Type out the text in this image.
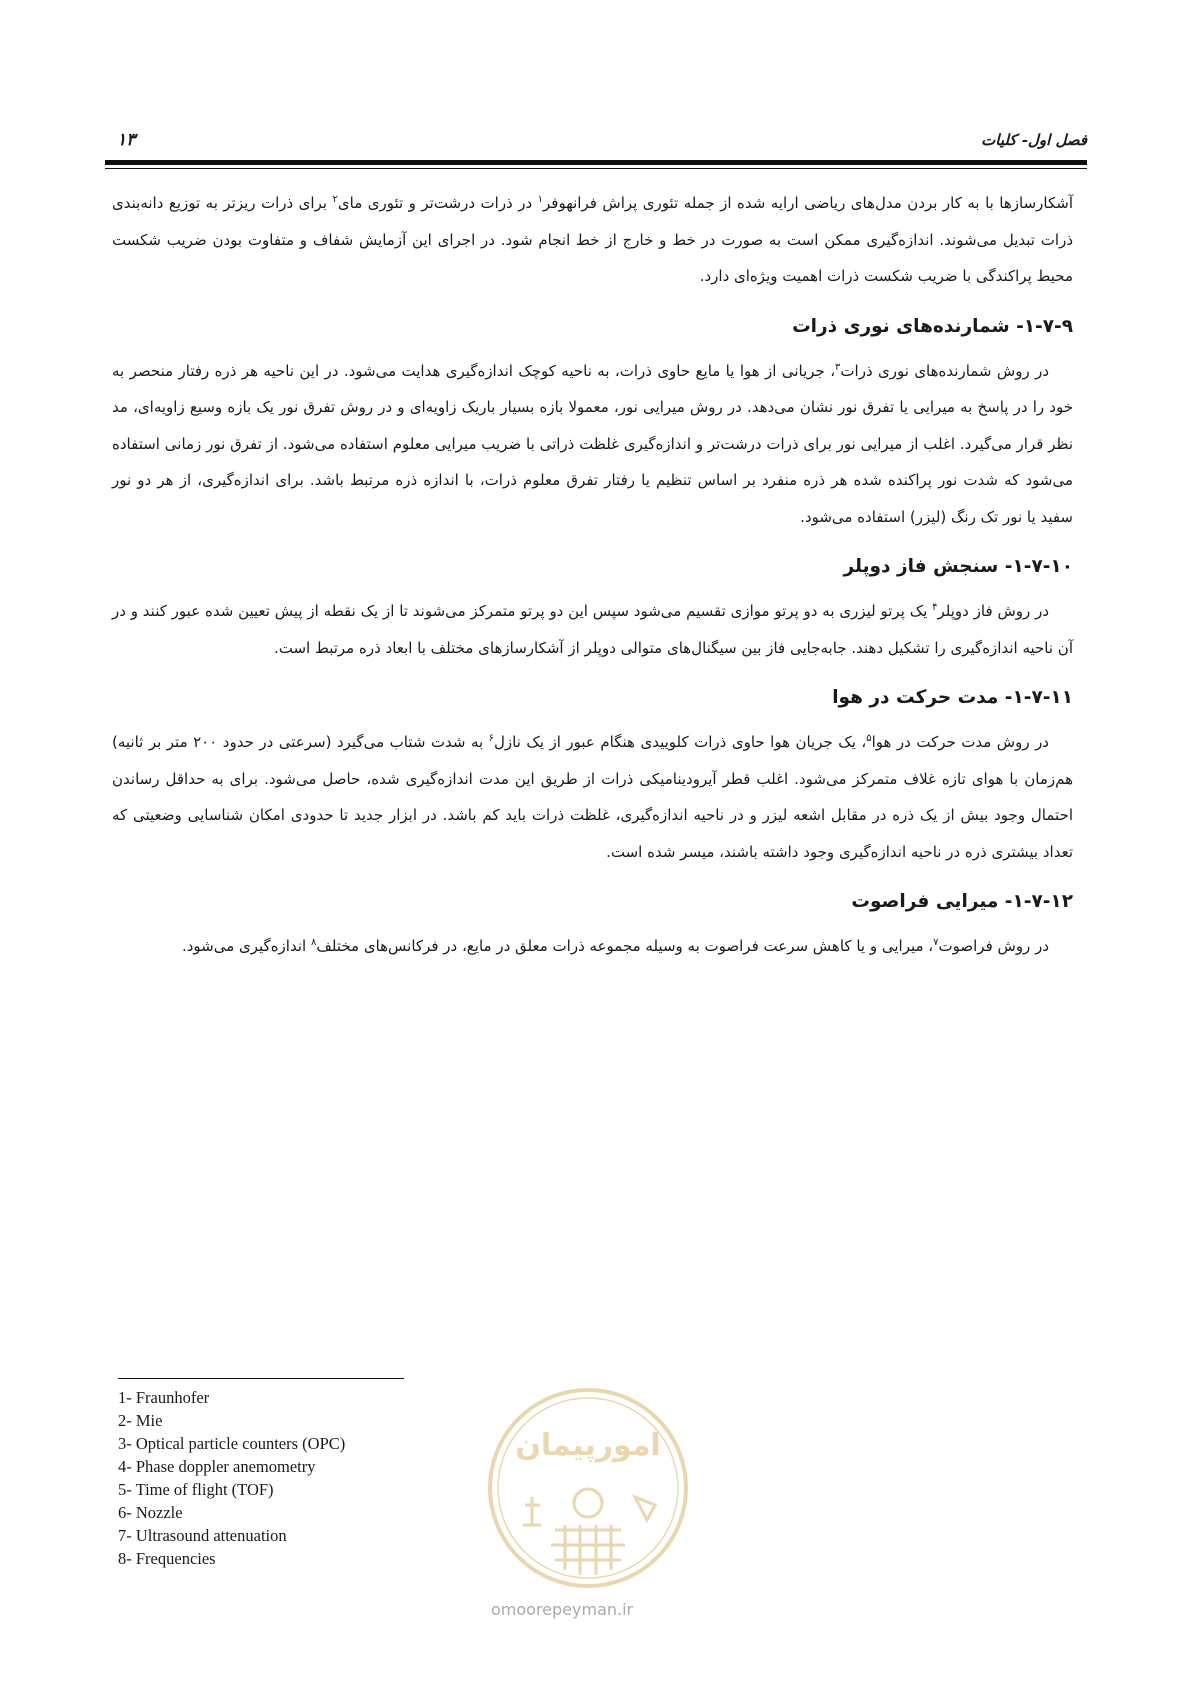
فصل اول- کلیات
۱۳

آشکارسازها با به کار بردن مدل‌های ریاضی ارایه شده از جمله تئوری پراش فرانهوفر$^۱$ در ذرات درشت‌تر و تئوری مای$^۲$ برای ذرات ریزتر به توزیع دانه‌بندی ذرات تبدیل می‌شوند. اندازه‌گیری ممکن است به صورت در خط و خارج از خط انجام شود. در اجرای این آزمایش شفاف و متفاوت بودن ضریب شکست محیط پراکندگی با ضریب شکست ذرات اهمیت ویژه‌ای دارد.

۱-۷-۹- شمارنده‌های نوری ذرات

در روش شمارنده‌های نوری ذرات$^۳$، جریانی از هوا یا مایع حاوی ذرات، به ناحیه کوچک اندازه‌گیری هدایت می‌شود. در این ناحیه هر ذره رفتار منحصر به خود را در پاسخ به میرایی یا تفرق نور نشان می‌دهد. در روش میرایی نور، معمولا بازه بسیار باریک زاویه‌ای و در روش تفرق نور یک بازه وسیع زاویه‌ای، مد نظر قرار می‌گیرد. اغلب از میرایی نور برای ذرات درشت‌تر و اندازه‌گیری غلظت ذراتی با ضریب میرایی معلوم استفاده می‌شود. از تفرق نور زمانی استفاده می‌شود که شدت نور پراکنده شده هر ذره منفرد بر اساس تنظیم یا رفتار تفرق معلوم ذرات، با اندازه ذره مرتبط باشد. برای اندازه‌گیری، از هر دو نور سفید یا نور تک رنگ (لیزر) استفاده می‌شود.

۱-۷-۱۰- سنجش فاز دوپلر

در روش فاز دوپلر$^۴$ یک پرتو لیزری به دو پرتو موازی تقسیم می‌شود سپس این دو پرتو متمرکز می‌شوند تا از یک نقطه از پیش تعیین شده عبور کنند و در آن ناحیه اندازه‌گیری را تشکیل دهند. جابه‌جایی فاز بین سیگنال‌های متوالی دوپلر از آشکارسازهای مختلف با ابعاد ذره مرتبط است.

۱-۷-۱۱- مدت حرکت در هوا

در روش مدت حرکت در هوا$^۵$، یک جریان هوا حاوی ذرات کلوییدی هنگام عبور از یک نازل$^۶$ به شدت شتاب می‌گیرد (سرعتی در حدود ۲۰۰ متر بر ثانیه) هم‌زمان با هوای تازه غلاف متمرکز می‌شود. اغلب قطر آیرودینامیکی ذرات از طریق این مدت اندازه‌گیری شده، حاصل می‌شود. برای به حداقل رساندن احتمال وجود بیش از یک ذره در مقابل اشعه لیزر و در ناحیه اندازه‌گیری، غلظت ذرات باید کم باشد. در ابزار جدید تا حدودی امکان شناسایی وضعیتی که تعداد بیشتری ذره در ناحیه اندازه‌گیری وجود داشته باشند، میسر شده است.

۱-۷-۱۲- میرایی فراصوت

در روش فراصوت$^۷$، میرایی و یا کاهش سرعت فراصوت به وسیله مجموعه ذرات معلق در مایع، در فرکانس‌های مختلف$^۸$ اندازه‌گیری می‌شود.

1- Fraunhofer
2- Mie
3- Optical particle counters (OPC)
4- Phase doppler anemometry
5- Time of flight (TOF)
6- Nozzle
7- Ultrasound attenuation
8- Frequencies
امورپیمان
omoorepeyman.ir
